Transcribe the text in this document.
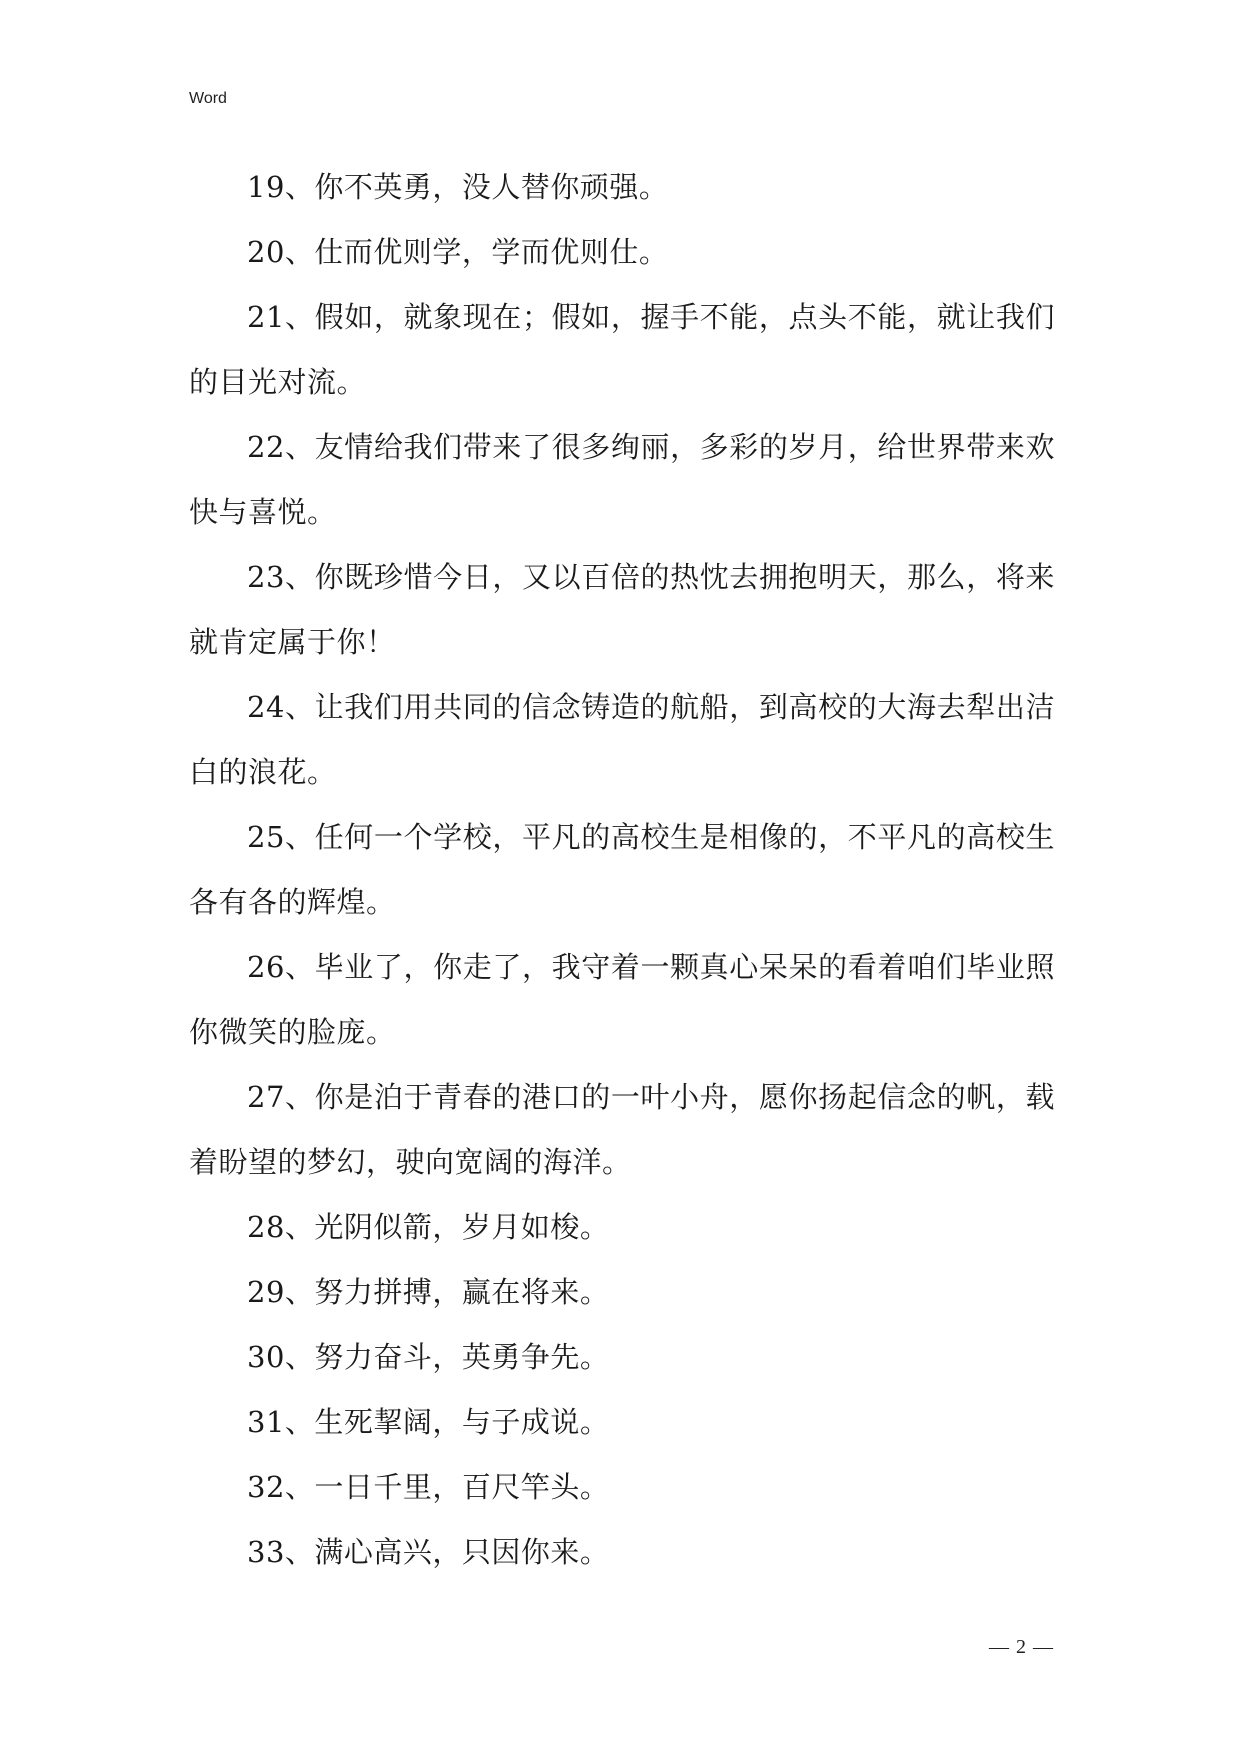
Word

19、你不英勇，没人替你顽强。

20、仕而优则学，学而优则仕。

21、假如，就象现在；假如，握手不能，点头不能，就让我们的目光对流。

22、友情给我们带来了很多绚丽，多彩的岁月，给世界带来欢快与喜悦。

23、你既珍惜今日，又以百倍的热忱去拥抱明天，那么，将来就肯定属于你！

24、让我们用共同的信念铸造的航船，到高校的大海去犁出洁白的浪花。

25、任何一个学校，平凡的高校生是相像的，不平凡的高校生各有各的辉煌。

26、毕业了，你走了，我守着一颗真心呆呆的看着咱们毕业照你微笑的脸庞。

27、你是泊于青春的港口的一叶小舟，愿你扬起信念的帆，载着盼望的梦幻，驶向宽阔的海洋。

28、光阴似箭，岁月如梭。

29、努力拼搏，赢在将来。

30、努力奋斗，英勇争先。

31、生死挈阔，与子成说。

32、一日千里，百尺竿头。

33、满心高兴，只因你来。

— 2 —
